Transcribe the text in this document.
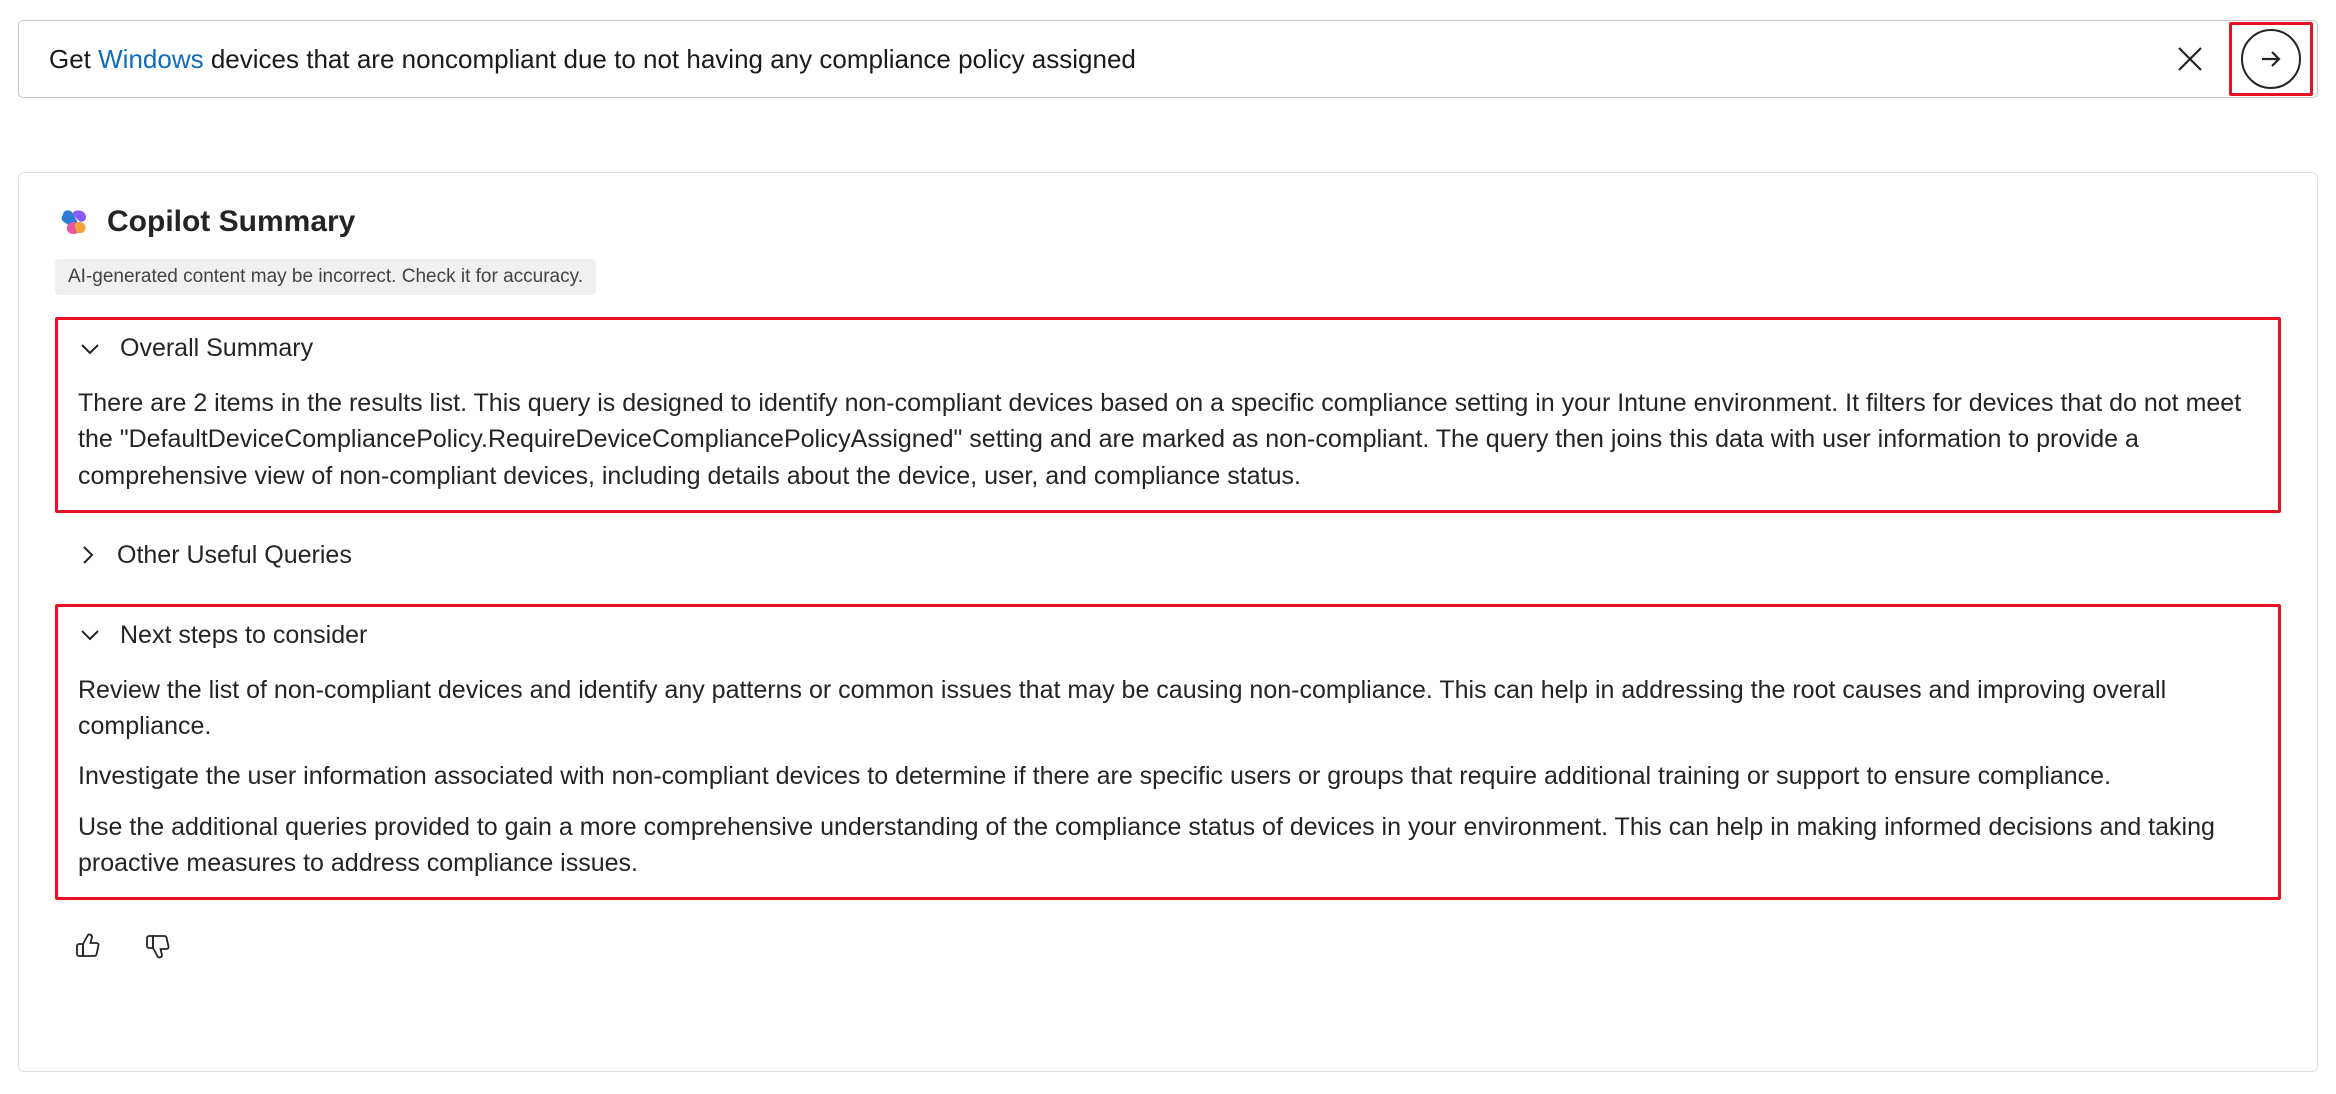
Get Windows devices that are noncompliant due to not having any compliance policy assigned
Copilot Summary
AI-generated content may be incorrect. Check it for accuracy.
Overall Summary
There are 2 items in the results list. This query is designed to identify non-compliant devices based on a specific compliance setting in your Intune environment. It filters for devices that do not meet the "DefaultDeviceCompliancePolicy.RequireDeviceCompliancePolicyAssigned" setting and are marked as non-compliant. The query then joins this data with user information to provide a comprehensive view of non-compliant devices, including details about the device, user, and compliance status.
Other Useful Queries
Next steps to consider
Review the list of non-compliant devices and identify any patterns or common issues that may be causing non-compliance. This can help in addressing the root causes and improving overall compliance.
Investigate the user information associated with non-compliant devices to determine if there are specific users or groups that require additional training or support to ensure compliance.
Use the additional queries provided to gain a more comprehensive understanding of the compliance status of devices in your environment. This can help in making informed decisions and taking proactive measures to address compliance issues.
